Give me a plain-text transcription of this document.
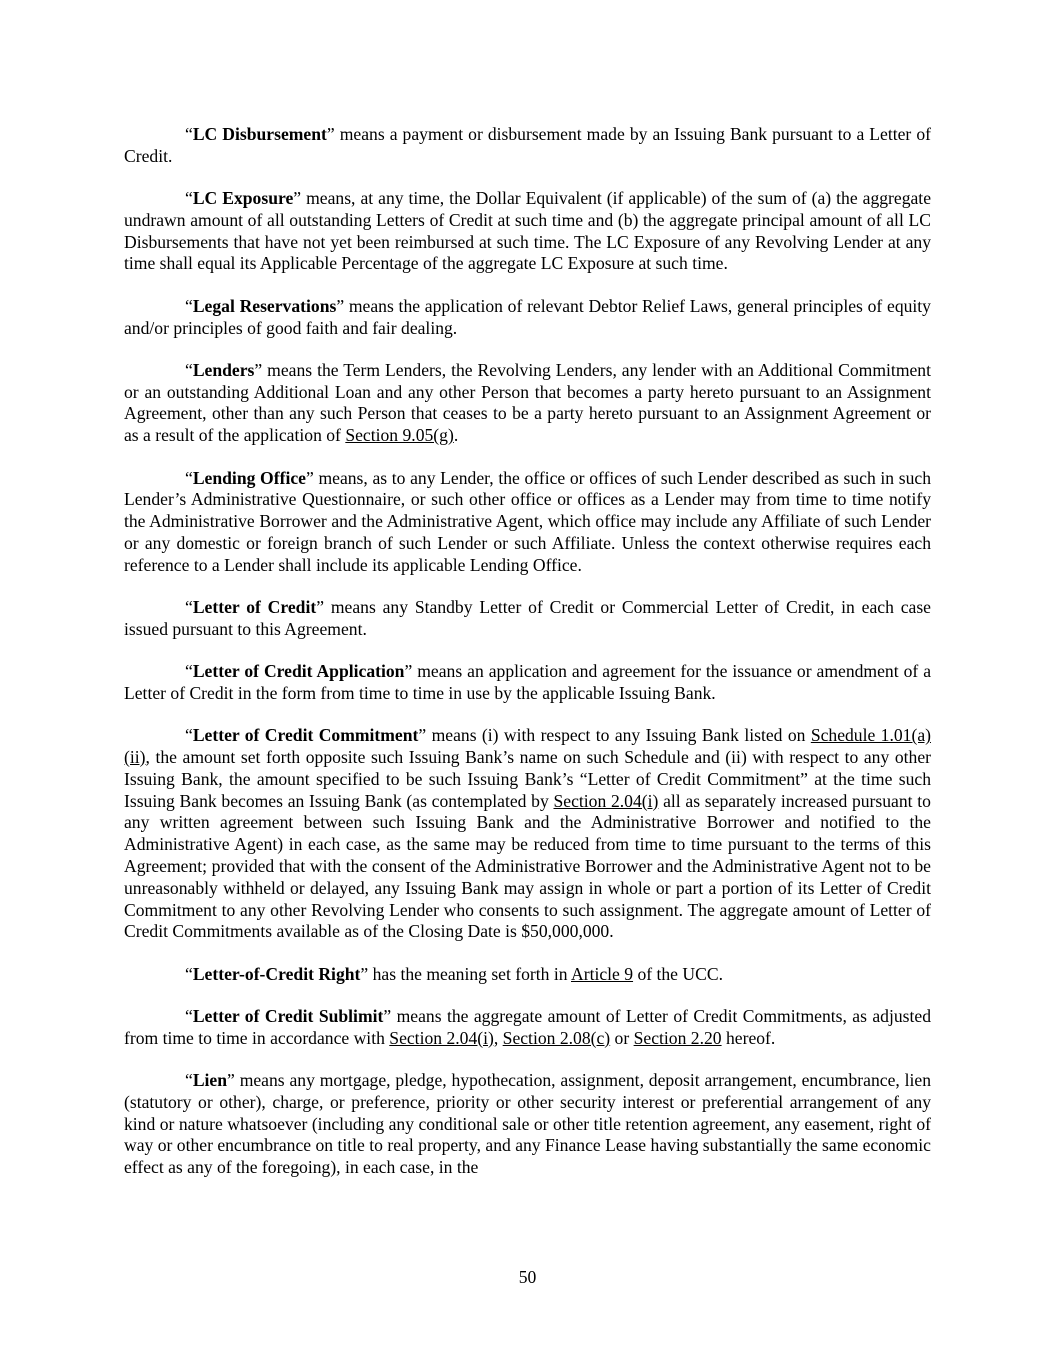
“LC Disbursement” means a payment or disbursement made by an Issuing Bank pursuant to a Letter of Credit.

“LC Exposure” means, at any time, the Dollar Equivalent (if applicable) of the sum of (a) the aggregate undrawn amount of all outstanding Letters of Credit at such time and (b) the aggregate principal amount of all LC Disbursements that have not yet been reimbursed at such time. The LC Exposure of any Revolving Lender at any time shall equal its Applicable Percentage of the aggregate LC Exposure at such time.

“Legal Reservations” means the application of relevant Debtor Relief Laws, general principles of equity and/or principles of good faith and fair dealing.

“Lenders” means the Term Lenders, the Revolving Lenders, any lender with an Additional Commitment or an outstanding Additional Loan and any other Person that becomes a party hereto pursuant to an Assignment Agreement, other than any such Person that ceases to be a party hereto pursuant to an Assignment Agreement or as a result of the application of Section 9.05(g).

“Lending Office” means, as to any Lender, the office or offices of such Lender described as such in such Lender’s Administrative Questionnaire, or such other office or offices as a Lender may from time to time notify the Administrative Borrower and the Administrative Agent, which office may include any Affiliate of such Lender or any domestic or foreign branch of such Lender or such Affiliate. Unless the context otherwise requires each reference to a Lender shall include its applicable Lending Office.

“Letter of Credit” means any Standby Letter of Credit or Commercial Letter of Credit, in each case issued pursuant to this Agreement.

“Letter of Credit Application” means an application and agreement for the issuance or amendment of a Letter of Credit in the form from time to time in use by the applicable Issuing Bank.

“Letter of Credit Commitment” means (i) with respect to any Issuing Bank listed on Schedule 1.01(a)(ii), the amount set forth opposite such Issuing Bank’s name on such Schedule and (ii) with respect to any other Issuing Bank, the amount specified to be such Issuing Bank’s “Letter of Credit Commitment” at the time such Issuing Bank becomes an Issuing Bank (as contemplated by Section 2.04(i) all as separately increased pursuant to any written agreement between such Issuing Bank and the Administrative Borrower and notified to the Administrative Agent) in each case, as the same may be reduced from time to time pursuant to the terms of this Agreement; provided that with the consent of the Administrative Borrower and the Administrative Agent not to be unreasonably withheld or delayed, any Issuing Bank may assign in whole or part a portion of its Letter of Credit Commitment to any other Revolving Lender who consents to such assignment. The aggregate amount of Letter of Credit Commitments available as of the Closing Date is $50,000,000.

“Letter-of-Credit Right” has the meaning set forth in Article 9 of the UCC.

“Letter of Credit Sublimit” means the aggregate amount of Letter of Credit Commitments, as adjusted from time to time in accordance with Section 2.04(i), Section 2.08(c) or Section 2.20 hereof.

“Lien” means any mortgage, pledge, hypothecation, assignment, deposit arrangement, encumbrance, lien (statutory or other), charge, or preference, priority or other security interest or preferential arrangement of any kind or nature whatsoever (including any conditional sale or other title retention agreement, any easement, right of way or other encumbrance on title to real property, and any Finance Lease having substantially the same economic effect as any of the foregoing), in each case, in the

50
